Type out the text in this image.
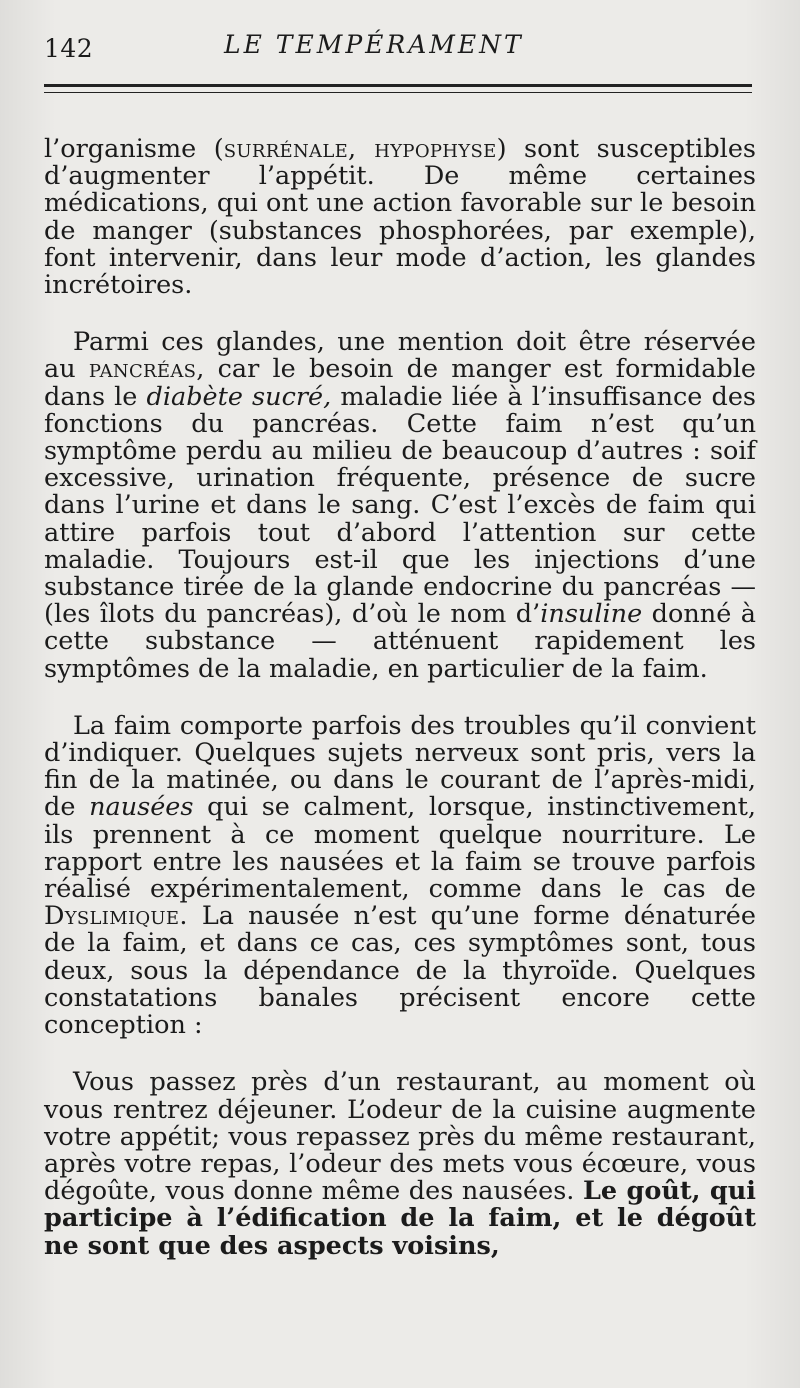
142	LE TEMPÉRAMENT

l’organisme (surrénale, hypophyse) sont susceptibles d’augmenter l’appétit. De même certaines médications, qui ont une action favorable sur le besoin de manger (substances phosphorées, par exemple), font intervenir, dans leur mode d’action, les glandes incrétoires.

Parmi ces glandes, une mention doit être réservée au pancréas, car le besoin de manger est formidable dans le diabète sucré, maladie liée à l’insuffisance des fonctions du pancréas. Cette faim n’est qu’un symptôme perdu au milieu de beaucoup d’autres : soif excessive, urination fréquente, présence de sucre dans l’urine et dans le sang. C’est l’excès de faim qui attire parfois tout d’abord l’attention sur cette maladie. Toujours est-il que les injections d’une substance tirée de la glande endocrine du pancréas — (les îlots du pancréas), d’où le nom d’insuline donné à cette substance — atténuent rapidement les symptômes de la maladie, en particulier de la faim.

La faim comporte parfois des troubles qu’il convient d’indiquer. Quelques sujets nerveux sont pris, vers la fin de la matinée, ou dans le courant de l’après-midi, de nausées qui se calment, lorsque, instinctivement, ils prennent à ce moment quelque nourriture. Le rapport entre les nausées et la faim se trouve parfois réalisé expérimentalement, comme dans le cas de Dyslimique. La nausée n’est qu’une forme dénaturée de la faim, et dans ce cas, ces symptômes sont, tous deux, sous la dépendance de la thyroïde. Quelques constatations banales précisent encore cette conception :

Vous passez près d’un restaurant, au moment où vous rentrez déjeuner. L’odeur de la cuisine augmente votre appétit; vous repassez près du même restaurant, après votre repas, l’odeur des mets vous écœure, vous dégoûte, vous donne même des nausées. Le goût, qui participe à l’édification de la faim, et le dégoût ne sont que des aspects voisins,
